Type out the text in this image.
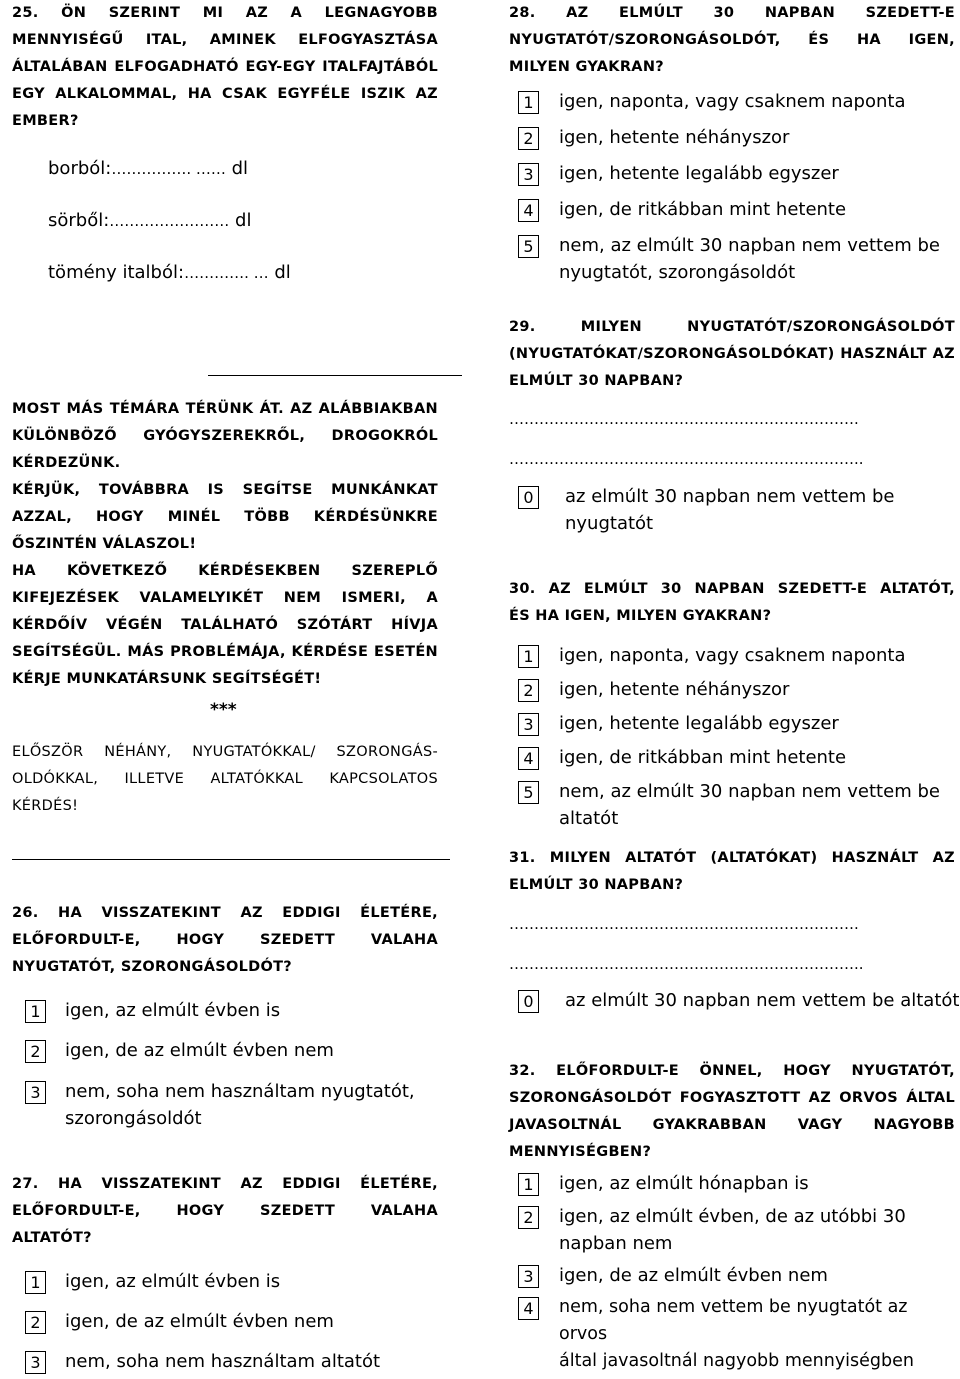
25. ÖN SZERINT MI AZ A LEGNAGYOBB
MENNYISÉGŰ ITAL, AMINEK ELFOGYASZTÁSA
ÁLTALÁBAN ELFOGADHATÓ EGY-EGY ITALFAJTÁBÓL
EGY ALKALOMMAL, HA CSAK EGYFÉLE ISZIK AZ
EMBER?
borból:……………. …… dl
sörből:…………………… dl
tömény italból:…………. … dl
MOST MÁS TÉMÁRA TÉRÜNK ÁT. AZ ALÁBBIAKBAN
KÜLÖNBÖZŐ GYÓGYSZEREKRŐL, DROGOKRÓL
KÉRDEZÜNK.
KÉRJÜK, TOVÁBBRA IS SEGÍTSE MUNKÁNKAT
AZZAL, HOGY MINÉL TÖBB KÉRDÉSÜNKRE
ŐSZINTÉN VÁLASZOL!
HA KÖVETKEZŐ KÉRDÉSEKBEN SZEREPLŐ
KIFEJEZÉSEK VALAMELYIKÉT NEM ISMERI, A
KÉRDŐÍV VÉGÉN TALÁLHATÓ SZÓTÁRT HÍVJA
SEGÍTSÉGÜL. MÁS PROBLÉMÁJA, KÉRDÉSE ESETÉN
KÉRJE MUNKATÁRSUNK SEGÍTSÉGÉT!
***
ELŐSZÖR NÉHÁNY, NYUGTATÓKKAL/ SZORONGÁS-
OLDÓKKAL, ILLETVE ALTATÓKKAL KAPCSOLATOS
KÉRDÉS!
26. HA VISSZATEKINT AZ EDDIGI ÉLETÉRE,
ELŐFORDULT-E, HOGY SZEDETT VALAHA
NYUGTATÓT, SZORONGÁSOLDÓT?
1	igen, az elmúlt évben is
2	igen, de az elmúlt évben nem
3	nem, soha nem használtam nyugtatót,
szorongásoldót
27. HA VISSZATEKINT AZ EDDIGI ÉLETÉRE,
ELŐFORDULT-E, HOGY SZEDETT VALAHA
ALTATÓT?
1	igen, az elmúlt évben is
2	igen, de az elmúlt évben nem
3	nem, soha nem használtam altatót
28. AZ ELMÚLT 30 NAPBAN SZEDETT-E
NYUGTATÓT/SZORONGÁSOLDÓT, ÉS HA IGEN,
MILYEN GYAKRAN?
1	igen, naponta, vagy csaknem naponta
2	igen, hetente néhányszor
3	igen, hetente legalább egyszer
4	igen, de ritkábban mint hetente
5	nem, az elmúlt 30 napban nem vettem be
nyugtatót, szorongásoldót
29. MILYEN NYUGTATÓT/SZORONGÁSOLDÓT
(NYUGTATÓKAT/SZORONGÁSOLDÓKAT) HASZNÁLT AZ
ELMÚLT 30 NAPBAN?
…………………………………………………………….
……………………………………………………………..
0	az elmúlt 30 napban nem vettem be
nyugtatót
30. AZ ELMÚLT 30 NAPBAN SZEDETT-E ALTATÓT,
ÉS HA IGEN, MILYEN GYAKRAN?
1	igen, naponta, vagy csaknem naponta
2	igen, hetente néhányszor
3	igen, hetente legalább egyszer
4	igen, de ritkábban mint hetente
5	nem, az elmúlt 30 napban nem vettem be
altatót
31. MILYEN ALTATÓT (ALTATÓKAT) HASZNÁLT AZ
ELMÚLT 30 NAPBAN?
…………………………………………………………….
……………………………………………………………..
0	az elmúlt 30 napban nem vettem be altatót
32. ELŐFORDULT-E ÖNNEL, HOGY NYUGTATÓT,
SZORONGÁSOLDÓT FOGYASZTOTT AZ ORVOS ÁLTAL
JAVASOLTNÁL GYAKRABBAN VAGY NAGYOBB
MENNYISÉGBEN?
1	igen, az elmúlt hónapban is
2	igen, az elmúlt évben, de az utóbbi 30
napban nem
3	igen, de az elmúlt évben nem
4	nem, soha nem vettem be nyugtatót az orvos
által javasoltnál nagyobb mennyiségben
